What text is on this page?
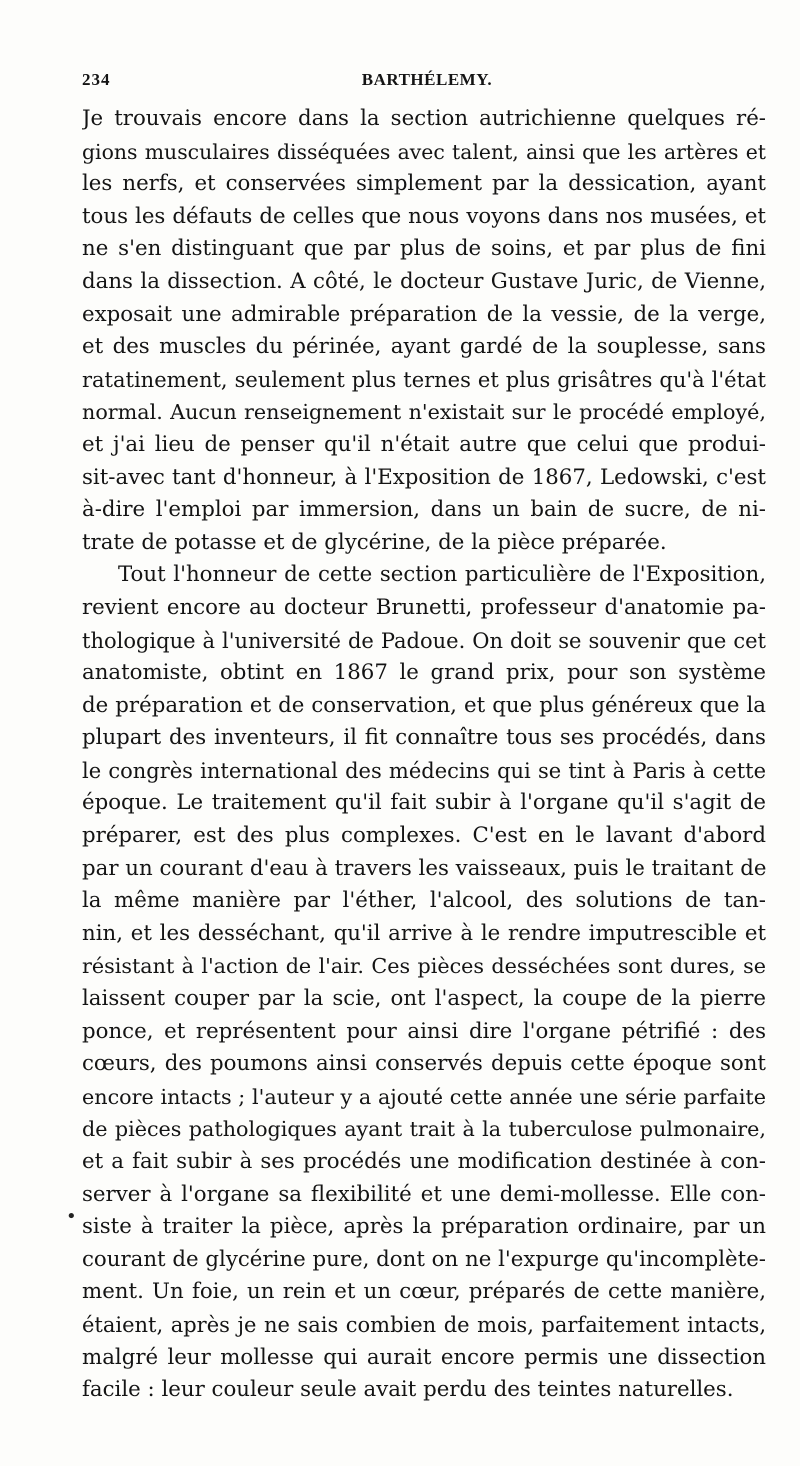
234	BARTHÉLEMY.
•
Je trouvais encore dans la section autrichienne quelques ré-
gions musculaires disséquées avec talent, ainsi que les artères et
les nerfs, et conservées simplement par la dessication, ayant
tous les défauts de celles que nous voyons dans nos musées, et
ne s'en distinguant que par plus de soins, et par plus de fini
dans la dissection. A côté, le docteur Gustave Juric, de Vienne,
exposait une admirable préparation de la vessie, de la verge,
et des muscles du périnée, ayant gardé de la souplesse, sans
ratatinement, seulement plus ternes et plus grisâtres qu'à l'état
normal. Aucun renseignement n'existait sur le procédé employé,
et j'ai lieu de penser qu'il n'était autre que celui que produi-
sit-avec tant d'honneur, à l'Exposition de 1867, Ledowski, c'est
à-dire l'emploi par immersion, dans un bain de sucre, de ni-
trate de potasse et de glycérine, de la pièce préparée.
Tout l'honneur de cette section particulière de l'Exposition,
revient encore au docteur Brunetti, professeur d'anatomie pa-
thologique à l'université de Padoue. On doit se souvenir que cet
anatomiste, obtint en 1867 le grand prix, pour son système
de préparation et de conservation, et que plus généreux que la
plupart des inventeurs, il fit connaître tous ses procédés, dans
le congrès international des médecins qui se tint à Paris à cette
époque. Le traitement qu'il fait subir à l'organe qu'il s'agit de
préparer, est des plus complexes. C'est en le lavant d'abord
par un courant d'eau à travers les vaisseaux, puis le traitant de
la même manière par l'éther, l'alcool, des solutions de tan-
nin, et les desséchant, qu'il arrive à le rendre imputrescible et
résistant à l'action de l'air. Ces pièces desséchées sont dures, se
laissent couper par la scie, ont l'aspect, la coupe de la pierre
ponce, et représentent pour ainsi dire l'organe pétrifié : des
cœurs, des poumons ainsi conservés depuis cette époque sont
encore intacts ; l'auteur y a ajouté cette année une série parfaite
de pièces pathologiques ayant trait à la tuberculose pulmonaire,
et a fait subir à ses procédés une modification destinée à con-
server à l'organe sa flexibilité et une demi-mollesse. Elle con-
siste à traiter la pièce, après la préparation ordinaire, par un
courant de glycérine pure, dont on ne l'expurge qu'incomplète-
ment. Un foie, un rein et un cœur, préparés de cette manière,
étaient, après je ne sais combien de mois, parfaitement intacts,
malgré leur mollesse qui aurait encore permis une dissection
facile : leur couleur seule avait perdu des teintes naturelles.
